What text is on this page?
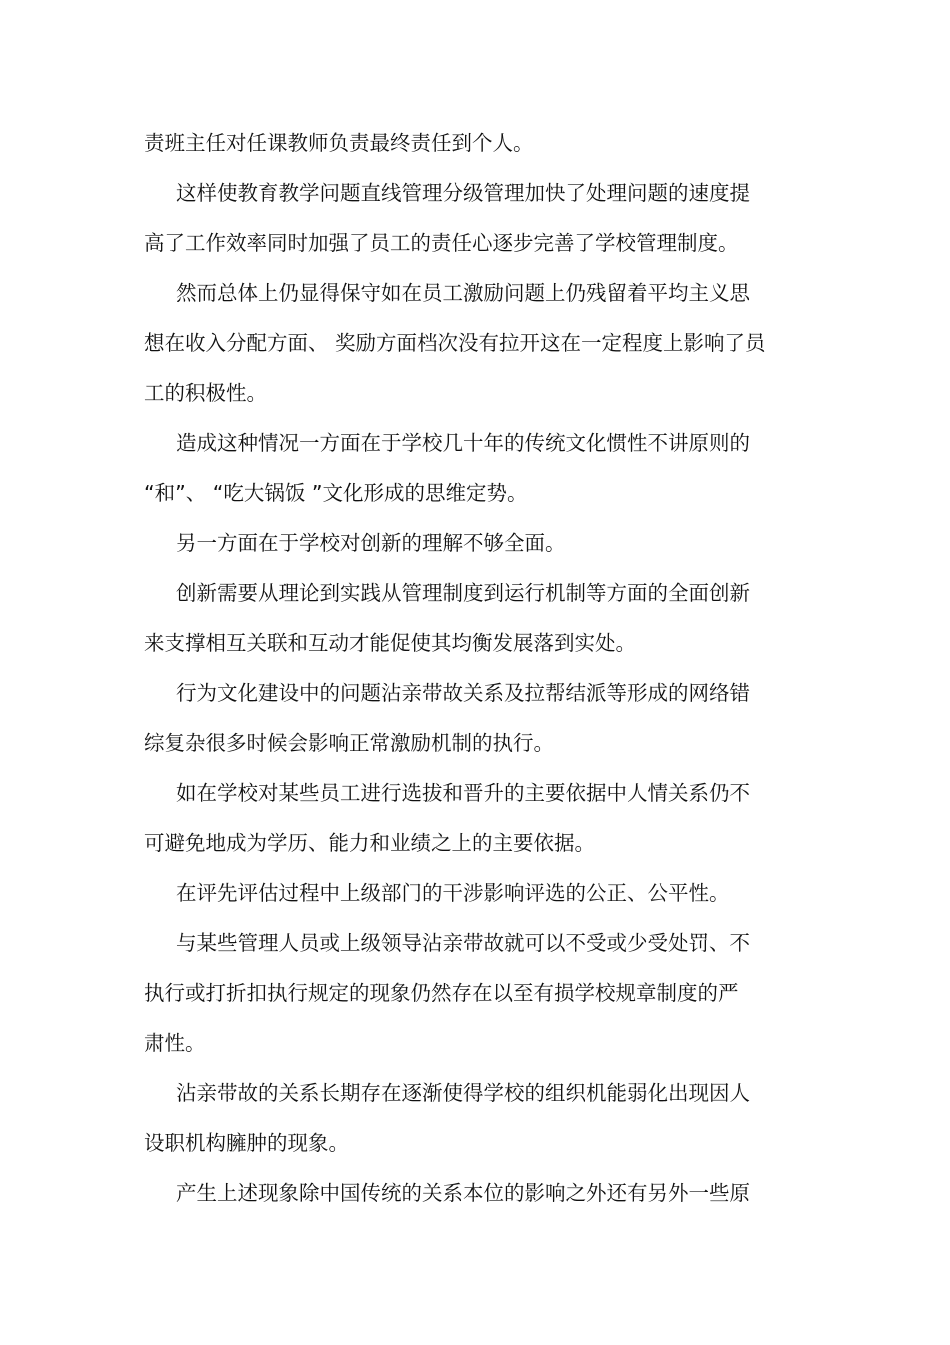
责班主任对任课教师负责最终责任到个人。

这样使教育教学问题直线管理分级管理加快了处理问题的速度提

高了工作效率同时加强了员工的责任心逐步完善了学校管理制度。

然而总体上仍显得保守如在员工激励问题上仍残留着平均主义思

想在收入分配方面、 奖励方面档次没有拉开这在一定程度上影响了员

工的积极性。

造成这种情况一方面在于学校几十年的传统文化惯性不讲原则的

“和”、 “吃大锅饭 ”文化形成的思维定势。

另一方面在于学校对创新的理解不够全面。

创新需要从理论到实践从管理制度到运行机制等方面的全面创新

来支撑相互关联和互动才能促使其均衡发展落到实处。

行为文化建设中的问题沾亲带故关系及拉帮结派等形成的网络错

综复杂很多时候会影响正常激励机制的执行。

如在学校对某些员工进行选拔和晋升的主要依据中人情关系仍不

可避免地成为学历、能力和业绩之上的主要依据。

在评先评估过程中上级部门的干涉影响评选的公正、公平性。

与某些管理人员或上级领导沾亲带故就可以不受或少受处罚、不

执行或打折扣执行规定的现象仍然存在以至有损学校规章制度的严

肃性。

沾亲带故的关系长期存在逐渐使得学校的组织机能弱化出现因人

设职机构臃肿的现象。

产生上述现象除中国传统的关系本位的影响之外还有另外一些原
